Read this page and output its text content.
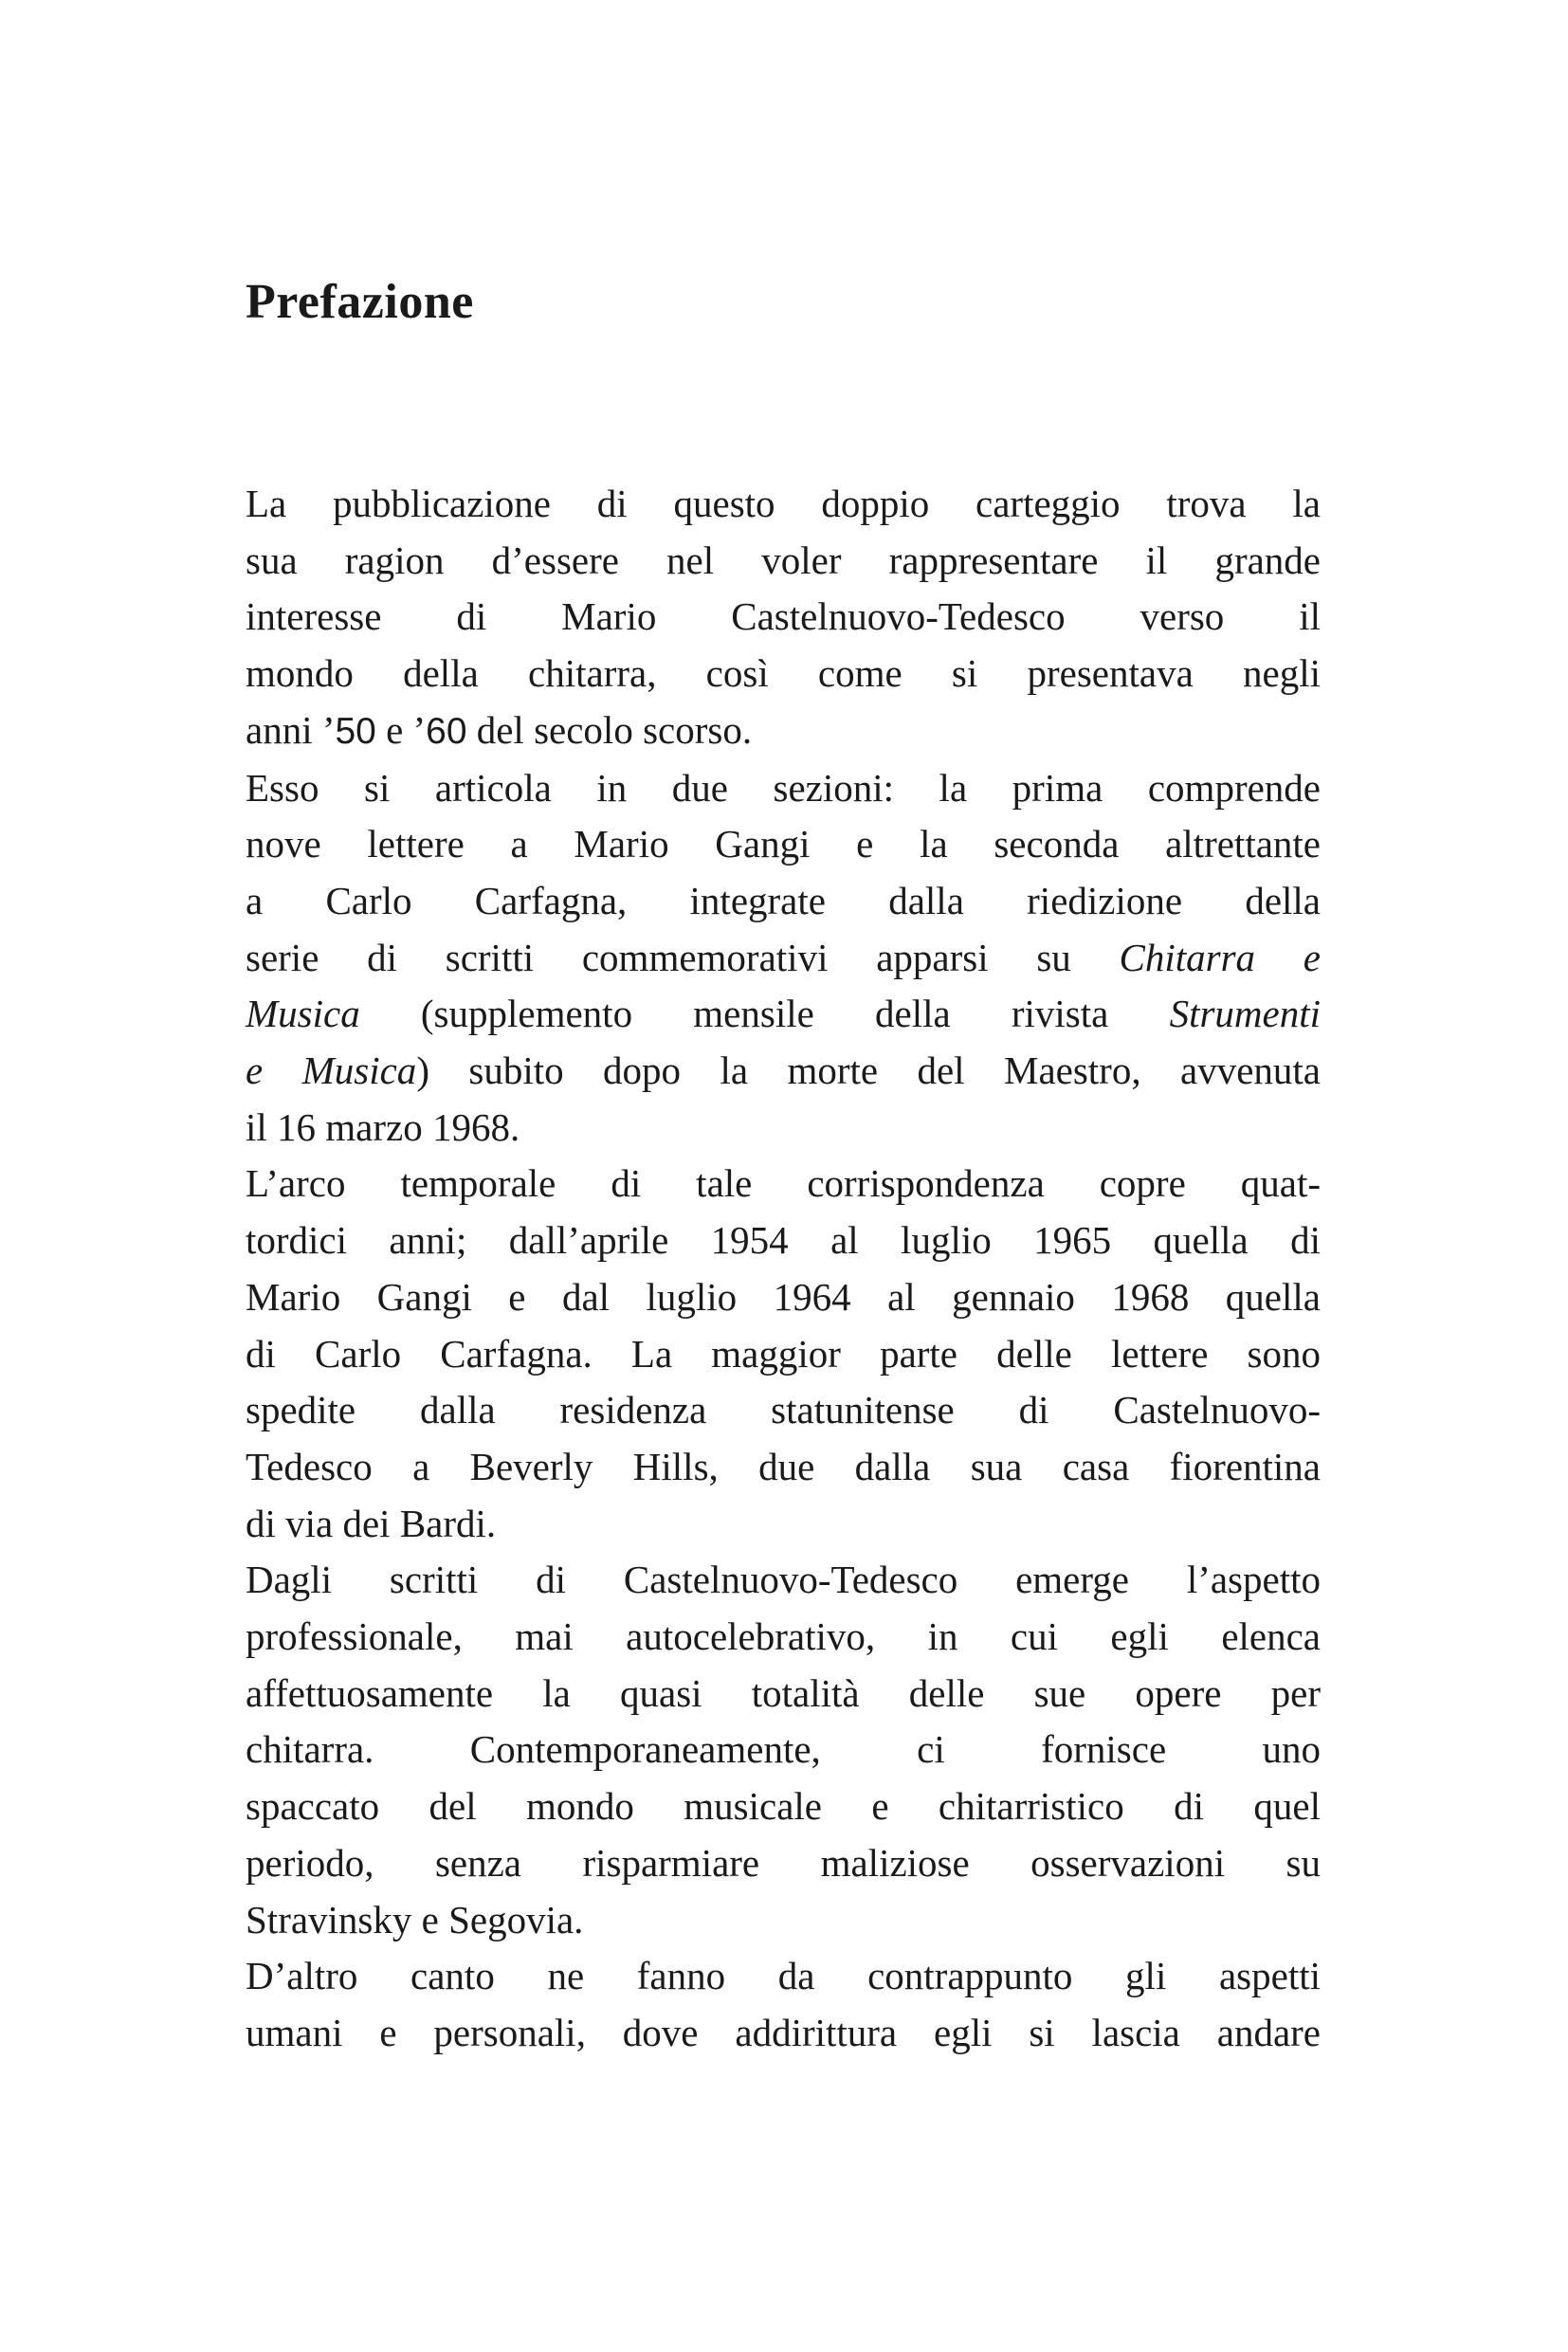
Prefazione
La pubblicazione di questo doppio carteggio trova la
sua ragion d’essere nel voler rappresentare il grande
interesse di Mario Castelnuovo-Tedesco verso il
mondo della chitarra, così come si presentava negli
anni ’50 e ’60 del secolo scorso.
Esso si articola in due sezioni: la prima comprende
nove lettere a Mario Gangi e la seconda altrettante
a Carlo Carfagna, integrate dalla riedizione della
serie di scritti commemorativi apparsi su Chitarra e
Musica (supplemento mensile della rivista Strumenti
e Musica) subito dopo la morte del Maestro, avvenuta
il 16 marzo 1968.
L’arco temporale di tale corrispondenza copre quat-
tordici anni; dall’aprile 1954 al luglio 1965 quella di
Mario Gangi e dal luglio 1964 al gennaio 1968 quella
di Carlo Carfagna. La maggior parte delle lettere sono
spedite dalla residenza statunitense di Castelnuovo-
Tedesco a Beverly Hills, due dalla sua casa fiorentina
di via dei Bardi.
Dagli scritti di Castelnuovo-Tedesco emerge l’aspetto
professionale, mai autocelebrativo, in cui egli elenca
affettuosamente la quasi totalità delle sue opere per
chitarra. Contemporaneamente, ci fornisce uno
spaccato del mondo musicale e chitarristico di quel
periodo, senza risparmiare maliziose osservazioni su
Stravinsky e Segovia.
D’altro canto ne fanno da contrappunto gli aspetti
umani e personali, dove addirittura egli si lascia andare
